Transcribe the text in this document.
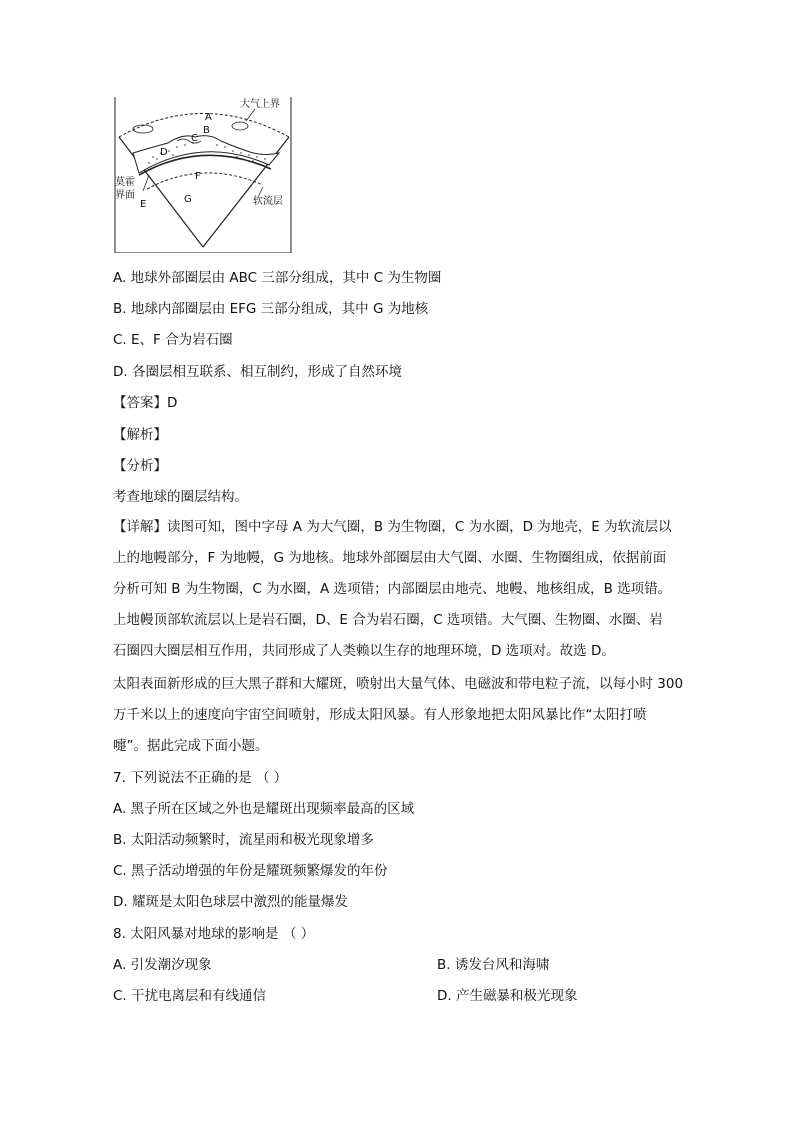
大气上界
A
B
C
D
E
F
G
莫霍
界面
软流层
A. 地球外部圈层由 ABC 三部分组成，其中 C 为生物圈
B. 地球内部圈层由 EFG 三部分组成，其中 G 为地核
C. E、F 合为岩石圈
D. 各圈层相互联系、相互制约，形成了自然环境
【答案】D
【解析】
【分析】
考查地球的圈层结构。
【详解】读图可知，图中字母 A 为大气圈，B 为生物圈，C 为水圈，D 为地壳，E 为软流层以
上的地幔部分，F 为地幔，G 为地核。地球外部圈层由大气圈、水圈、生物圈组成，依据前面
分析可知 B 为生物圈，C 为水圈，A 选项错；内部圈层由地壳、地幔、地核组成，B 选项错。
上地幔顶部软流层以上是岩石圈，D、E 合为岩石圈，C 选项错。大气圈、生物圈、水圈、岩
石圈四大圈层相互作用，共同形成了人类赖以生存的地理环境，D 选项对。故选 D。
太阳表面新形成的巨大黑子群和大耀斑，喷射出大量气体、电磁波和带电粒子流，以每小时 300
万千米以上的速度向宇宙空间喷射，形成太阳风暴。有人形象地把太阳风暴比作“太阳打喷
嚏”。据此完成下面小题。
7. 下列说法不正确的是 （ ）
A. 黑子所在区域之外也是耀斑出现频率最高的区域
B. 太阳活动频繁时，流星雨和极光现象增多
C. 黑子活动增强的年份是耀斑频繁爆发的年份
D. 耀斑是太阳色球层中激烈的能量爆发
8. 太阳风暴对地球的影响是 （ ）
A. 引发潮汐现象	B. 诱发台风和海啸
C. 干扰电离层和有线通信	D. 产生磁暴和极光现象
